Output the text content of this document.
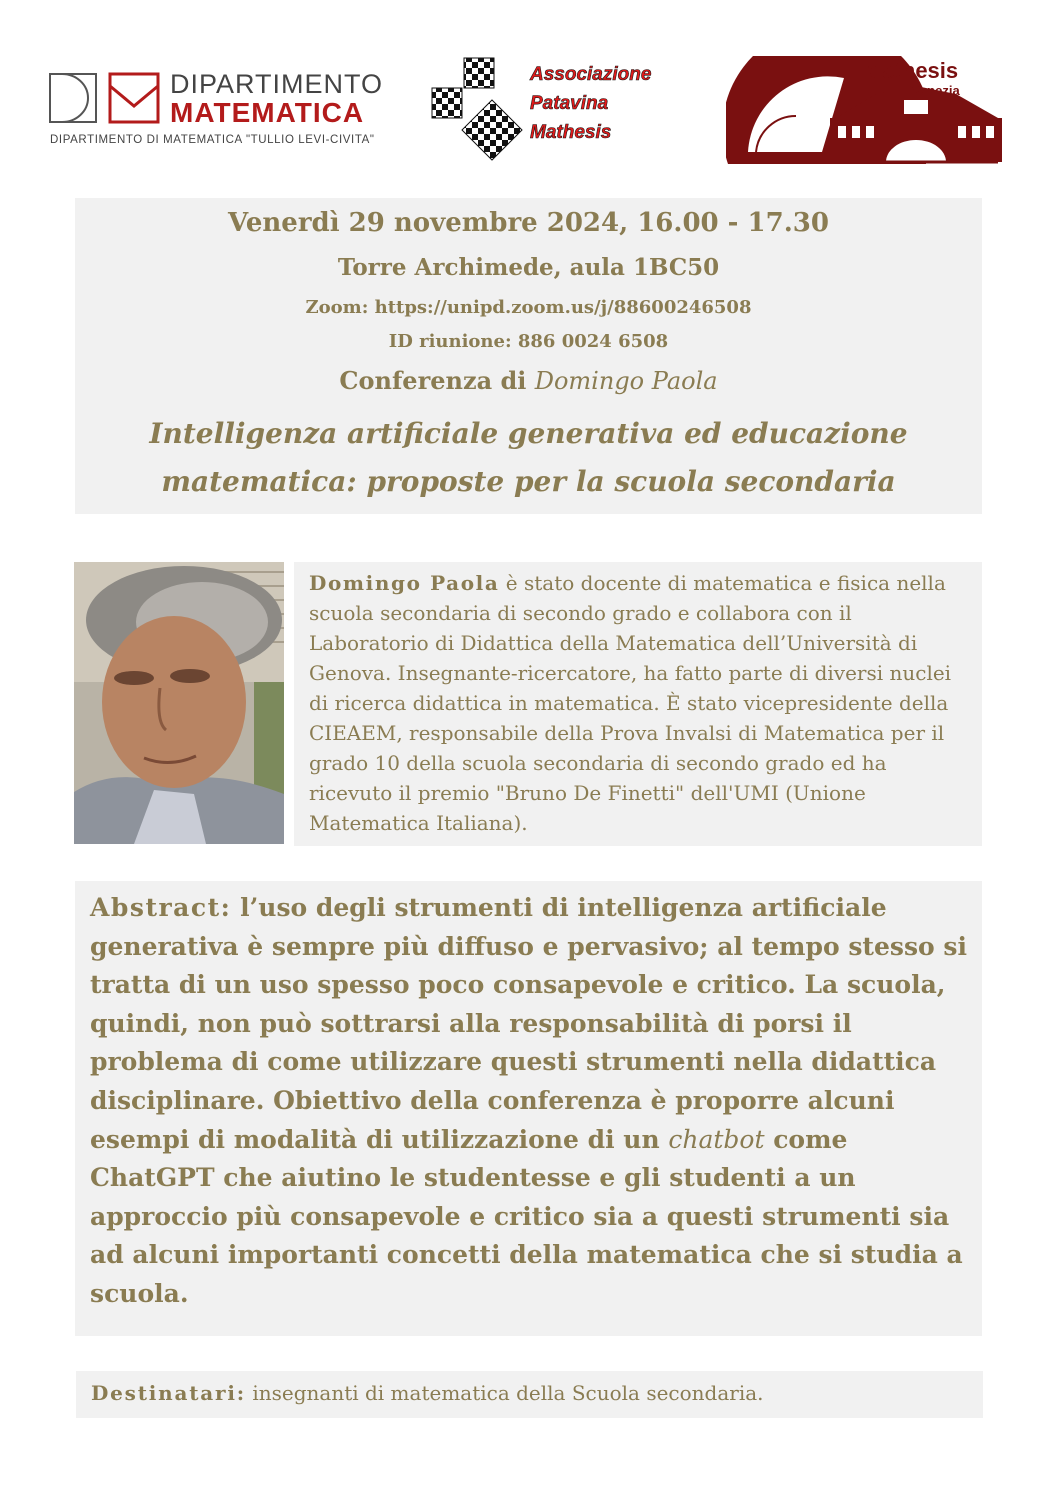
DIPARTIMENTO
MATEMATICA
DIPARTIMENTO DI MATEMATICA "TULLIO LEVI-CIVITA"
Associazione
Patavina
Mathesis
Mathesis
Venezia
Venerdì 29 novembre 2024, 16.00 - 17.30
Torre Archimede, aula 1BC50
Zoom: https://unipd.zoom.us/j/88600246508
ID riunione: 886 0024 6508
Conferenza di Domingo Paola
Intelligenza artificiale generativa ed educazione
matematica: proposte per la scuola secondaria

Domingo Paola è stato docente di matematica e fisica nella scuola secondaria di secondo grado e collabora con il Laboratorio di Didattica della Matematica dell’Università di Genova. Insegnante-ricercatore, ha fatto parte di diversi nuclei di ricerca didattica in matematica. È stato vicepresidente della CIEAEM, responsabile della Prova Invalsi di Matematica per il grado 10 della scuola secondaria di secondo grado ed ha ricevuto il premio "Bruno De Finetti" dell'UMI (Unione Matematica Italiana).

Abstract: l’uso degli strumenti di intelligenza artificiale generativa è sempre più diffuso e pervasivo; al tempo stesso si tratta di un uso spesso poco consapevole e critico. La scuola, quindi, non può sottrarsi alla responsabilità di porsi il problema di come utilizzare questi strumenti nella didattica disciplinare. Obiettivo della conferenza è proporre alcuni esempi di modalità di utilizzazione di un chatbot come ChatGPT che aiutino le studentesse e gli studenti a un approccio più consapevole e critico sia a questi strumenti sia ad alcuni importanti concetti della matematica che si studia a scuola.

Destinatari: insegnanti di matematica della Scuola secondaria.
